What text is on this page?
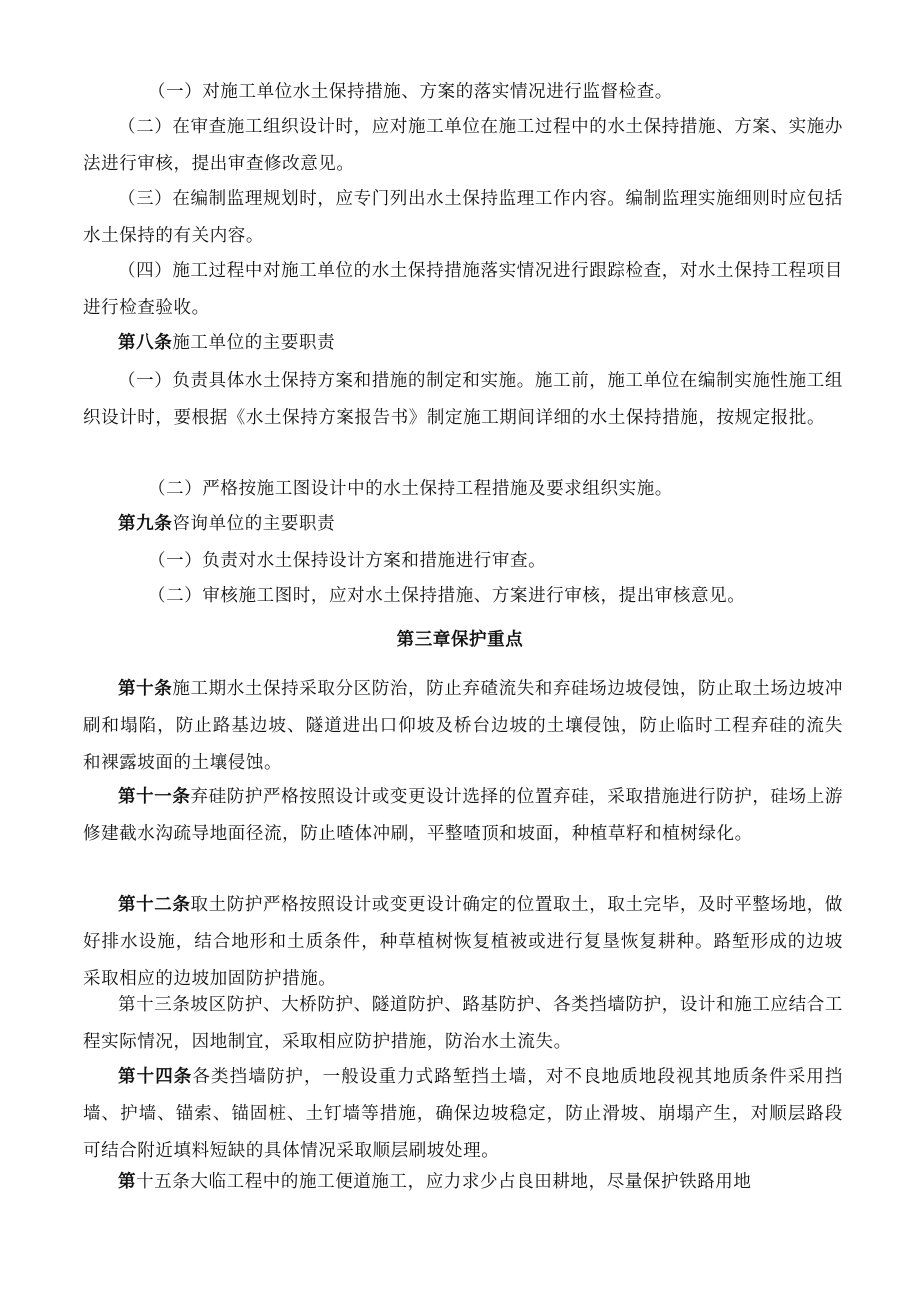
（一）对施工单位水土保持措施、方案的落实情况进行监督检查。

（二）在审查施工组织设计时，应对施工单位在施工过程中的水土保持措施、方案、实施办法进行审核，提出审查修改意见。

（三）在编制监理规划时，应专门列出水土保持监理工作内容。编制监理实施细则时应包括水土保持的有关内容。

（四）施工过程中对施工单位的水土保持措施落实情况进行跟踪检查，对水土保持工程项目进行检查验收。

第八条施工单位的主要职责

（一）负责具体水土保持方案和措施的制定和实施。施工前，施工单位在编制实施性施工组织设计时，要根据《水土保持方案报告书》制定施工期间详细的水土保持措施，按规定报批。

（二）严格按施工图设计中的水土保持工程措施及要求组织实施。

第九条咨询单位的主要职责

（一）负责对水土保持设计方案和措施进行审查。

（二）审核施工图时，应对水土保持措施、方案进行审核，提出审核意见。

第三章保护重点

第十条施工期水土保持采取分区防治，防止弃碴流失和弃硅场边坡侵蚀，防止取土场边坡冲刷和塌陷，防止路基边坡、隧道进出口仰坡及桥台边坡的土壤侵蚀，防止临时工程弃硅的流失和裸露坡面的土壤侵蚀。

第十一条弃硅防护严格按照设计或变更设计选择的位置弃硅，采取措施进行防护，硅场上游修建截水沟疏导地面径流，防止喳体冲刷，平整喳顶和坡面，种植草籽和植树绿化。

第十二条取土防护严格按照设计或变更设计确定的位置取土，取土完毕，及时平整场地，做好排水设施，结合地形和土质条件，种草植树恢复植被或进行复垦恢复耕种。路堑形成的边坡采取相应的边坡加固防护措施。

第十三条坡区防护、大桥防护、隧道防护、路基防护、各类挡墙防护，设计和施工应结合工程实际情况，因地制宜，采取相应防护措施，防治水土流失。

第十四条各类挡墙防护，一般设重力式路堑挡土墙，对不良地质地段视其地质条件采用挡墙、护墙、锚索、锚固桩、土钉墙等措施，确保边坡稳定，防止滑坡、崩塌产生，对顺层路段可结合附近填料短缺的具体情况采取顺层刷坡处理。

第十五条大临工程中的施工便道施工，应力求少占良田耕地，尽量保护铁路用地
